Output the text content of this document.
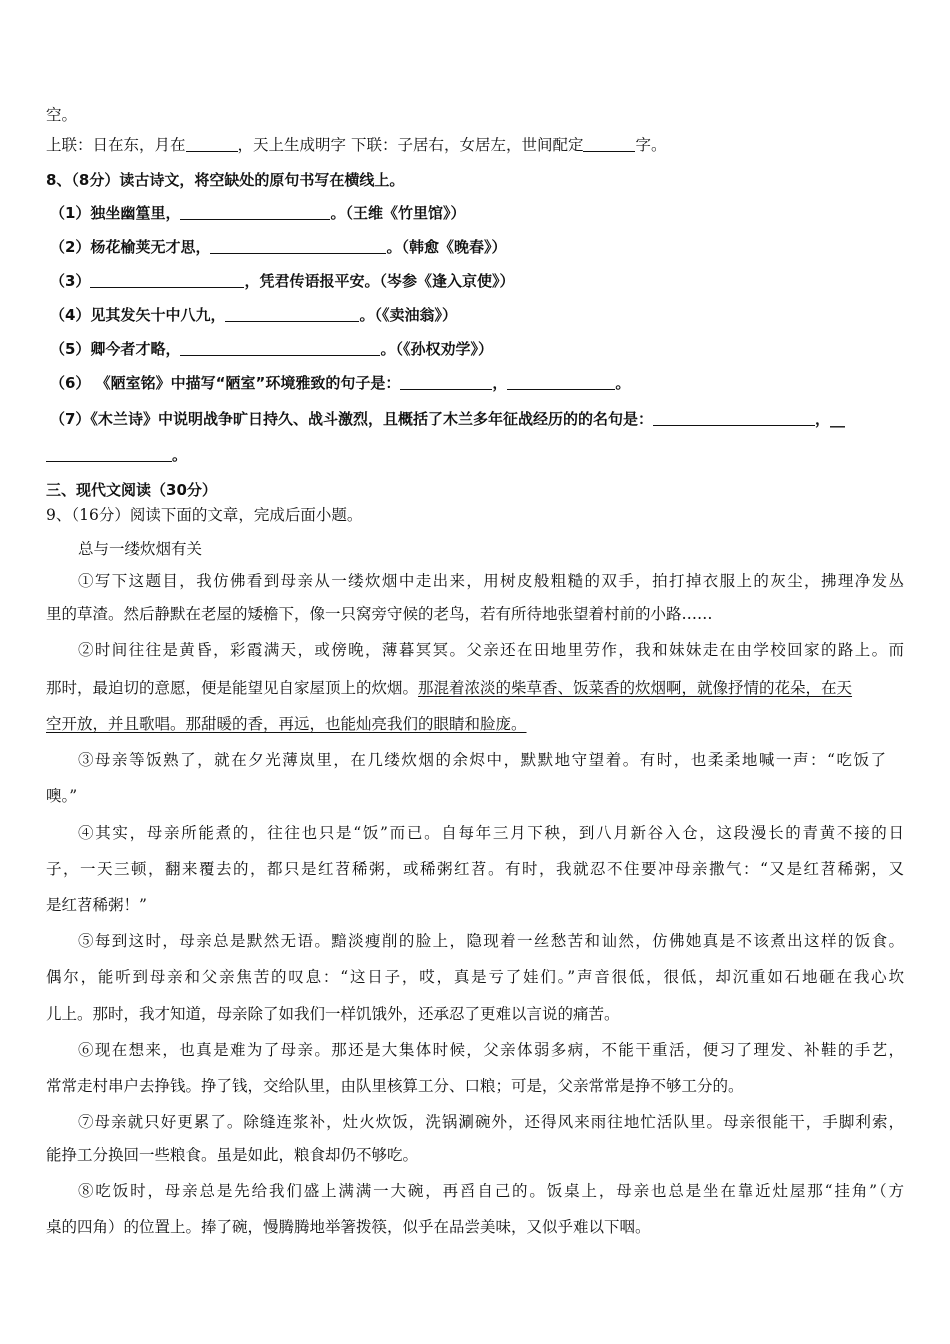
空。
上联：日在东，月在	，天上生成明字 下联：子居右，女居左，世间配定	字。
8、（8分）读古诗文，将空缺处的原句书写在横线上。
（1）独坐幽篁里，	。（王维《竹里馆》）
（2）杨花榆荚无才思，	。（韩愈《晚春》）
（3）	，凭君传语报平安。（岑参《逢入京使》）
（4）见其发矢十中八九，	。（《卖油翁》）
（5）卿今者才略，	。（《孙权劝学》）
（6） 《陋室铭》中描写“陋室”环境雅致的句子是：	，	。
（7）《木兰诗》中说明战争旷日持久、战斗激烈，且概括了木兰多年征战经历的的名句是：	，__
。
三、现代文阅读（30分）
9、（16分）阅读下面的文章，完成后面小题。
总与一缕炊烟有关
①写下这题目，我仿佛看到母亲从一缕炊烟中走出来，用树皮般粗糙的双手，拍打掉衣服上的灰尘，拂理净发丛
里的草渣。然后静默在老屋的矮檐下，像一只窝旁守候的老鸟，若有所待地张望着村前的小路……
②时间往往是黄昏，彩霞满天，或傍晚，薄暮冥冥。父亲还在田地里劳作，我和妹妹走在由学校回家的路上。而
那时，最迫切的意愿，便是能望见自家屋顶上的炊烟。那混着浓淡的柴草香、饭菜香的炊烟啊，就像抒情的花朵，在天
空开放，并且歌唱。那甜暖的香，再远，也能灿亮我们的眼睛和脸庞。
③母亲等饭熟了，就在夕光薄岚里，在几缕炊烟的余烬中，默默地守望着。有时，也柔柔地喊一声：“吃饭了
噢。”
④其实，母亲所能煮的，往往也只是“饭”而已。自每年三月下秧，到八月新谷入仓，这段漫长的青黄不接的日
子，一天三顿，翻来覆去的，都只是红苕稀粥，或稀粥红苕。有时，我就忍不住要冲母亲撒气：“又是红苕稀粥，又
是红苕稀粥！”
⑤每到这时，母亲总是默然无语。黯淡瘦削的脸上，隐现着一丝愁苦和讪然，仿佛她真是不该煮出这样的饭食。
偶尔，能听到母亲和父亲焦苦的叹息：“这日子，哎，真是亏了娃们。”声音很低，很低，却沉重如石地砸在我心坎
儿上。那时，我才知道，母亲除了如我们一样饥饿外，还承忍了更难以言说的痛苦。
⑥现在想来，也真是难为了母亲。那还是大集体时候，父亲体弱多病，不能干重活，便习了理发、补鞋的手艺，
常常走村串户去挣钱。挣了钱，交给队里，由队里核算工分、口粮；可是，父亲常常是挣不够工分的。
⑦母亲就只好更累了。除缝连浆补，灶火炊饭，洗锅涮碗外，还得风来雨往地忙活队里。母亲很能干，手脚利索，
能挣工分换回一些粮食。虽是如此，粮食却仍不够吃。
⑧吃饭时，母亲总是先给我们盛上满满一大碗，再舀自己的。饭桌上，母亲也总是坐在靠近灶屋那“挂角”（方
桌的四角）的位置上。捧了碗，慢腾腾地举箸拨筷，似乎在品尝美味，又似乎难以下咽。
